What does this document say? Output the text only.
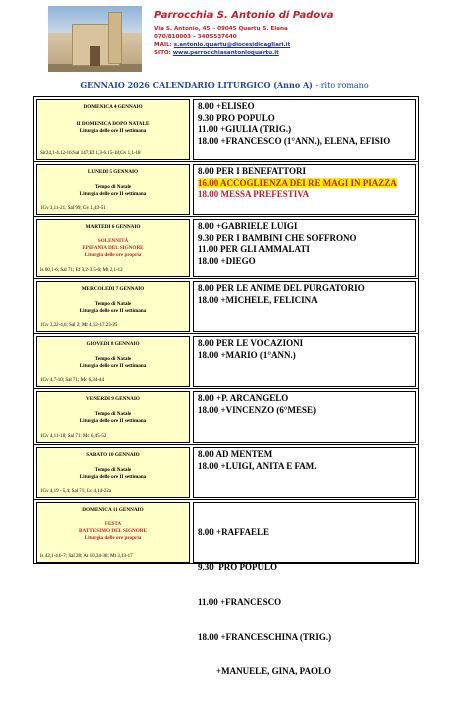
Parrocchia S. Antonio di Padova
Via S. Antonio, 45 – 09045 Quartu S. Elena
070/810003 – 3405537640
MAIL: s.antonio.quartu@diocesidicagliari.it
SITO: www.parrocchiasantonioquartu.it
GENNAIO 2026 CALENDARIO LITURGICO (Anno A) - rito romano
DOMENICA 4 GENNAIO
II DOMENICA DOPO NATALE
Liturgia delle ore II settimana
Sir24,1-4.12-16;Sal 147;Ef 1,3-6.15-18;Gv 1,1-18
8.00 +ELISEO
9.30 PRO POPULO
11.00 +GIULIA (TRIG.)
18.00 +FRANCESCO (1°ANN.), ELENA, EFISIO
LUNEDI 5 GENNAIO
Tempo di Natale
Liturgia delle ore II settimana
1Gv 3,11-21; Sal 99; Gv 1,43-51
8.00 PER I BENEFATTORI
16.00 ACCOGLIENZA DEI RE MAGI IN PIAZZA
18.00 MESSA PREFESTIVA
MARTEDI 6 GENNAIO
SOLENNITÀ
EPIFANIA DEL SIGNORE
Liturgia delle ore propria
Is 60,1-6; Sal 71; Ef 3,2-3.5-6; Mt 2,1-12
8.00 +GABRIELE LUIGI
9.30 PER I BAMBINI CHE SOFFRONO
11.00 PER GLI AMMALATI
18.00 +DIEGO
MERCOLEDI 7 GENNAIO
Tempo di Natale
Liturgia delle ore II settimana
1Gv 3,22-4,6; Sal 2; Mt 4,12-17.23-25
8.00 PER LE ANIME DEL PURGATORIO
18.00 +MICHELE, FELICINA
GIOVEDI 8 GENNAIO
Tempo di Natale
Liturgia delle ore II settimana
1Gv 4,7-10; Sal 71; Mc 6,34-44
8.00 PER LE VOCAZIONI
18.00 +MARIO (1°ANN.)
VENERDI 9 GENNAIO
Tempo di Natale
Liturgia delle ore II settimana
1Gv 4,11-18; Sal 71; Mc 6,45-52
8.00 +P. ARCANGELO
18.00 +VINCENZO (6°MESE)
SABATO 10 GENNAIO
Tempo di Natale
Liturgia delle ore II settimana
1Gv 4,19 - 5,4; Sal 71; Lc 4,14-22a
8.00 AD MENTEM
18.00 +LUIGI, ANITA E FAM.
DOMENICA 11 GENNAIO
FESTA
BATTESIMO DEL SIGNORE
Liturgia delle ore propria
Is 42,1-4.6-7; Sal 28; At 10,34-38; Mt 3,13-17

8.00 +RAFFAELE

9.30  PRO POPULO

11.00 +FRANCESCO

18.00 +FRANCESCHINA (TRIG.)

+MANUELE, GINA, PAOLO
